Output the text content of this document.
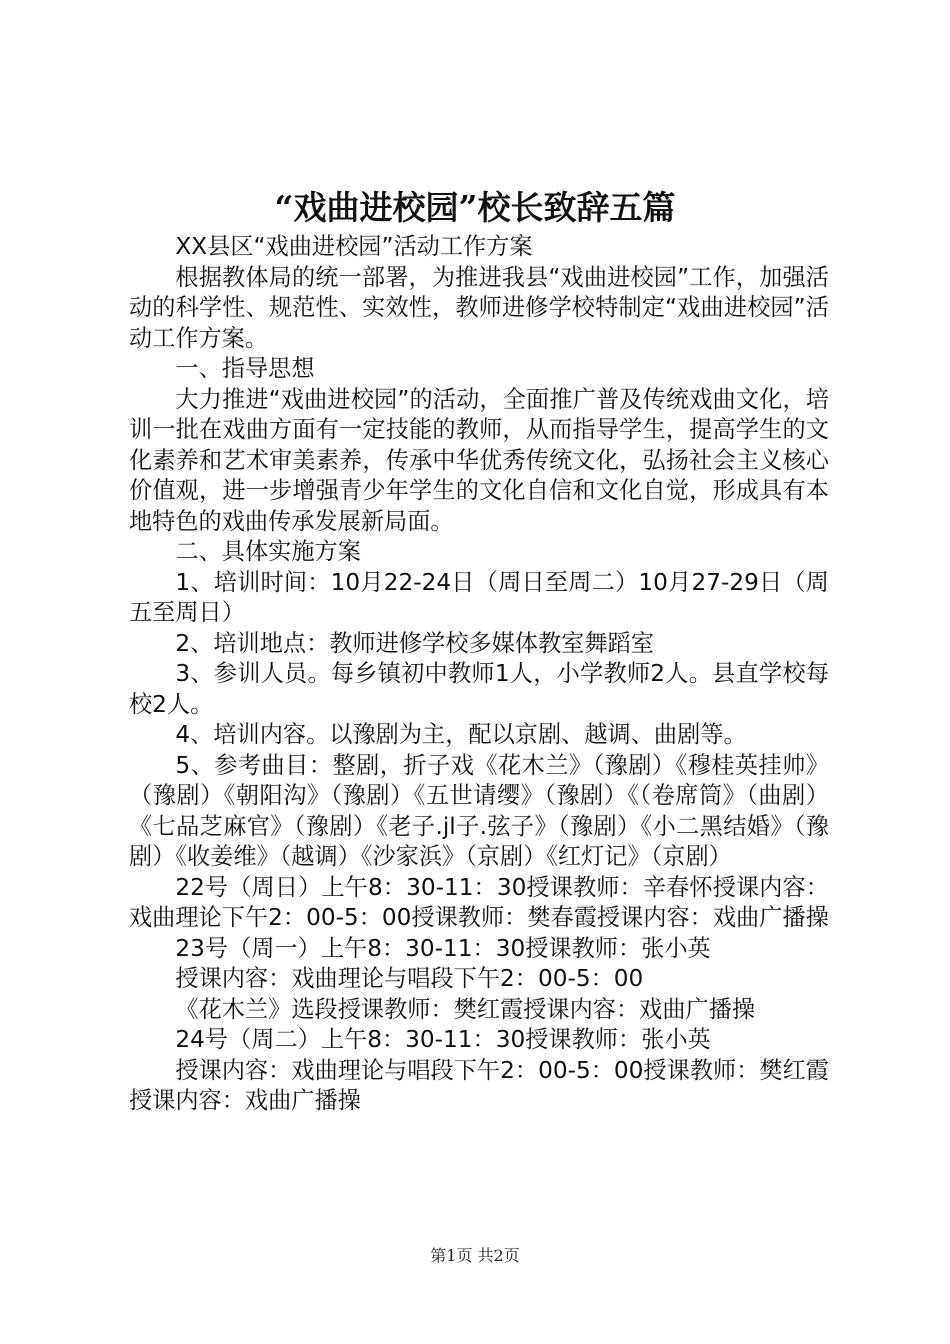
“戏曲进校园”校长致辞五篇

XX县区“戏曲进校园”活动工作方案

根据教体局的统一部署，为推进我县“戏曲进校园”工作，加强活动的科学性、规范性、实效性，教师进修学校特制定“戏曲进校园”活动工作方案。

一、指导思想

大力推进“戏曲进校园”的活动，全面推广普及传统戏曲文化，培训一批在戏曲方面有一定技能的教师，从而指导学生，提高学生的文化素养和艺术审美素养，传承中华优秀传统文化，弘扬社会主义核心价值观，进一步增强青少年学生的文化自信和文化自觉，形成具有本地特色的戏曲传承发展新局面。

二、具体实施方案

1、培训时间：10月22-24日（周日至周二）10月27-29日（周五至周日）

2、培训地点：教师进修学校多媒体教室舞蹈室

3、参训人员。每乡镇初中教师1人，小学教师2人。县直学校每校2人。

4、培训内容。以豫剧为主，配以京剧、越调、曲剧等。

5、参考曲目：整剧，折子戏《花木兰》（豫剧）《穆桂英挂帅》（豫剧）《朝阳沟》（豫剧）《五世请缨》（豫剧）《（卷席筒》（曲剧）《七品芝麻官》（豫剧）《老子.jl子.弦子》（豫剧）《小二黑结婚》（豫剧）《收姜维》（越调）《沙家浜》（京剧）《红灯记》（京剧）

22号（周日）上午8：30-11：30授课教师：辛春怀授课内容：戏曲理论下午2：00-5：00授课教师：樊春霞授课内容：戏曲广播操

23号（周一）上午8：30-11：30授课教师：张小英

授课内容：戏曲理论与唱段下午2：00-5：00

《花木兰》选段授课教师：樊红霞授课内容：戏曲广播操

24号（周二）上午8：30-11：30授课教师：张小英

授课内容：戏曲理论与唱段下午2：00-5：00授课教师：樊红霞授课内容：戏曲广播操

第1页 共2页
